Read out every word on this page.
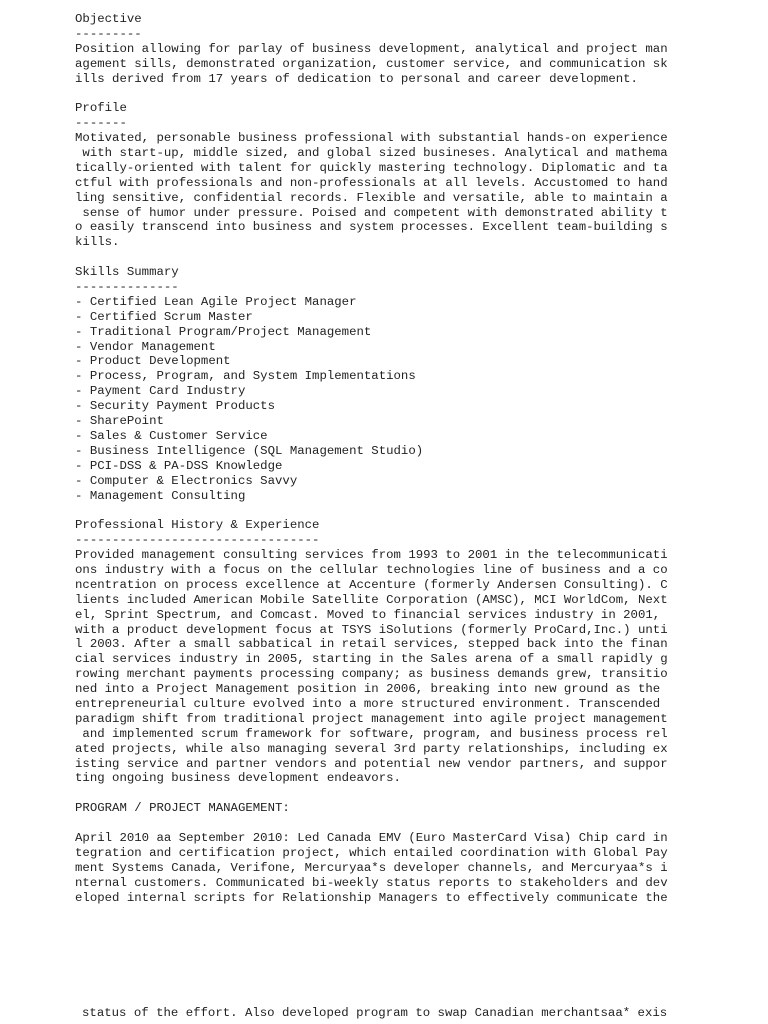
Objective
---------
Position allowing for parlay of business development, analytical and project man
agement sills, demonstrated organization, customer service, and communication sk
ills derived from 17 years of dedication to personal and career development.
Profile
-------
Motivated, personable business professional with substantial hands-on experience
with start-up, middle sized, and global sized busineses. Analytical and mathema
tically-oriented with talent for quickly mastering technology. Diplomatic and ta
ctful with professionals and non-professionals at all levels. Accustomed to hand
ling sensitive, confidential records. Flexible and versatile, able to maintain a
sense of humor under pressure. Poised and competent with demonstrated ability t
o easily transcend into business and system processes. Excellent team-building s
kills.
Skills Summary
--------------
- Certified Lean Agile Project Manager
- Certified Scrum Master
- Traditional Program/Project Management
- Vendor Management
- Product Development
- Process, Program, and System Implementations
- Payment Card Industry
- Security Payment Products
- SharePoint
- Sales & Customer Service
- Business Intelligence (SQL Management Studio)
- PCI-DSS & PA-DSS Knowledge
- Computer & Electronics Savvy
- Management Consulting
Professional History & Experience
---------------------------------
Provided management consulting services from 1993 to 2001 in the telecommunicati
ons industry with a focus on the cellular technologies line of business and a co
ncentration on process excellence at Accenture (formerly Andersen Consulting). C
lients included American Mobile Satellite Corporation (AMSC), MCI WorldCom, Next
el, Sprint Spectrum, and Comcast. Moved to financial services industry in 2001,
with a product development focus at TSYS iSolutions (formerly ProCard,Inc.) unti
l 2003. After a small sabbatical in retail services, stepped back into the finan
cial services industry in 2005, starting in the Sales arena of a small rapidly g
rowing merchant payments processing company; as business demands grew, transitio
ned into a Project Management position in 2006, breaking into new ground as the
entrepreneurial culture evolved into a more structured environment. Transcended
paradigm shift from traditional project management into agile project management
and implemented scrum framework for software, program, and business process rel
ated projects, while also managing several 3rd party relationships, including ex
isting service and partner vendors and potential new vendor partners, and suppor
ting ongoing business development endeavors.
PROGRAM / PROJECT MANAGEMENT:
April 2010 aa September 2010: Led Canada EMV (Euro MasterCard Visa) Chip card in
tegration and certification project, which entailed coordination with Global Pay
ment Systems Canada, Verifone, Mercuryaa*s developer channels, and Mercuryaa*s i
nternal customers. Communicated bi-weekly status reports to stakeholders and dev
eloped internal scripts for Relationship Managers to effectively communicate the
status of the effort. Also developed program to swap Canadian merchantsaa* exis
